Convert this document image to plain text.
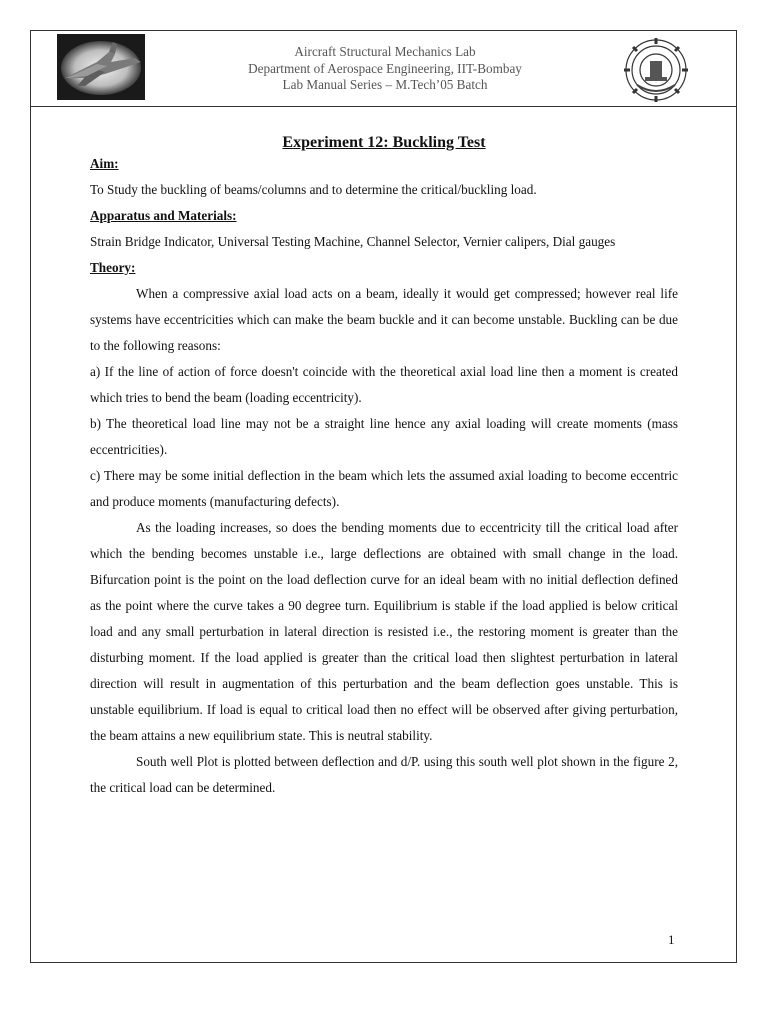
Aircraft Structural Mechanics Lab
Department of Aerospace Engineering, IIT-Bombay
Lab Manual Series – M.Tech’05 Batch
Experiment 12: Buckling Test

Aim:

To Study the buckling of beams/columns and to determine the critical/buckling load.

Apparatus and Materials:

Strain Bridge Indicator, Universal Testing Machine, Channel Selector, Vernier calipers, Dial gauges

Theory:

When a compressive axial load acts on a beam, ideally it would get compressed; however real life systems have eccentricities which can make the beam buckle and it can become unstable. Buckling can be due to the following reasons:

a) If the line of action of force doesn't coincide with the theoretical axial load line then a moment is created which tries to bend the beam (loading eccentricity).

b) The theoretical load line may not be a straight line hence any axial loading will create moments (mass eccentricities).

c) There may be some initial deflection in the beam which lets the assumed axial loading to become eccentric and produce moments (manufacturing defects).

As the loading increases, so does the bending moments due to eccentricity till the critical load after which the bending becomes unstable i.e., large deflections are obtained with small change in the load. Bifurcation point is the point on the load deflection curve for an ideal beam with no initial deflection defined as the point where the curve takes a 90 degree turn. Equilibrium is stable if the load applied is below critical load and any small perturbation in lateral direction is resisted i.e., the restoring moment is greater than the disturbing moment. If the load applied is greater than the critical load then slightest perturbation in lateral direction will result in augmentation of this perturbation and the beam deflection goes unstable. This is unstable equilibrium. If load is equal to critical load then no effect will be observed after giving perturbation, the beam attains a new equilibrium state. This is neutral stability.

South well Plot is plotted between deflection and d/P. using this south well plot shown in the figure 2, the critical load can be determined.

1
